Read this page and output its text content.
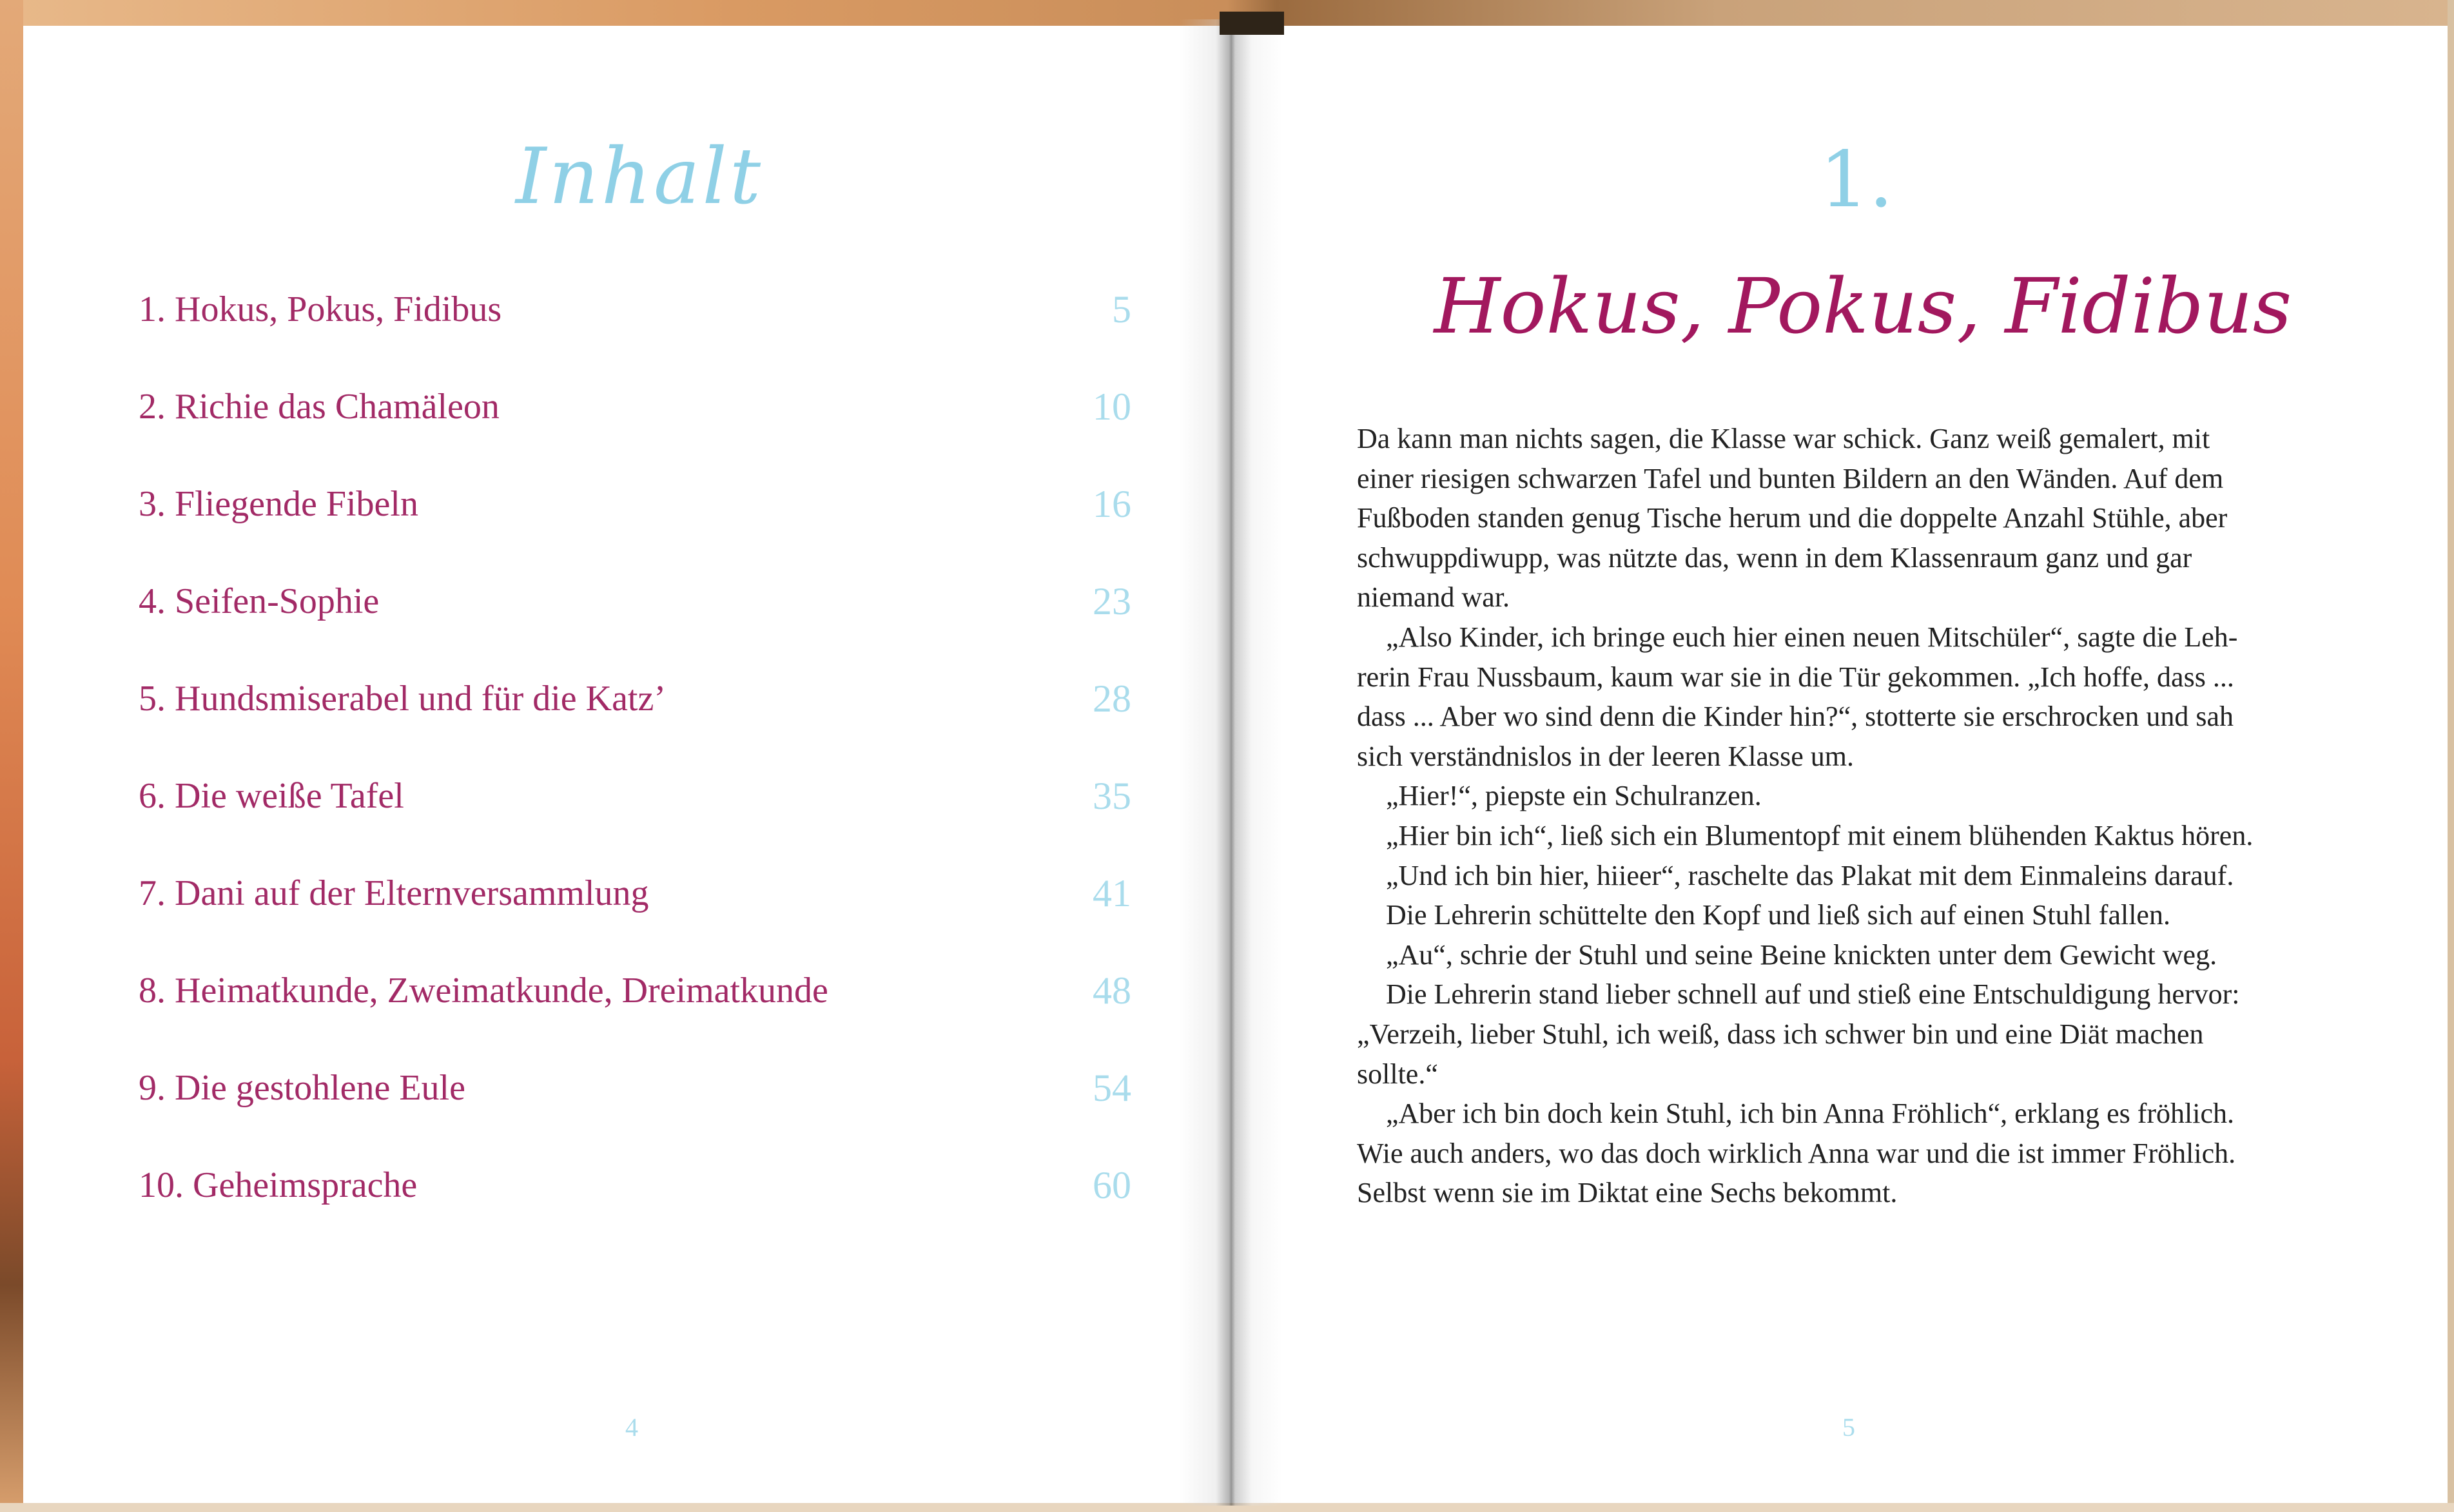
Inhalt
1. Hokus, Pokus, Fidibus	5
2. Richie das Chamäleon	10
3. Fliegende Fibeln	16
4. Seifen-Sophie	23
5. Hundsmiserabel und für die Katz’	28
6. Die weiße Tafel	35
7. Dani auf der Elternversammlung	41
8. Heimatkunde, Zweimatkunde, Dreimatkunde	48
9. Die gestohlene Eule	54
10. Geheimsprache	60
4
1.
Hokus, Pokus, Fidibus
Da kann man nichts sagen, die Klasse war schick. Ganz weiß gemalert, mit
einer riesigen schwarzen Tafel und bunten Bildern an den Wänden. Auf dem
Fußboden standen genug Tische herum und die doppelte Anzahl Stühle, aber
schwuppdiwupp, was nützte das, wenn in dem Klassenraum ganz und gar
niemand war.
„Also Kinder, ich bringe euch hier einen neuen Mitschüler“, sagte die Leh-
rerin Frau Nussbaum, kaum war sie in die Tür gekommen. „Ich hoffe, dass ...
dass ... Aber wo sind denn die Kinder hin?“, stotterte sie erschrocken und sah
sich verständnislos in der leeren Klasse um.
„Hier!“, piepste ein Schulranzen.
„Hier bin ich“, ließ sich ein Blumentopf mit einem blühenden Kaktus hören.
„Und ich bin hier, hiieer“, raschelte das Plakat mit dem Einmaleins darauf.
Die Lehrerin schüttelte den Kopf und ließ sich auf einen Stuhl fallen.
„Au“, schrie der Stuhl und seine Beine knickten unter dem Gewicht weg.
Die Lehrerin stand lieber schnell auf und stieß eine Entschuldigung hervor:
„Verzeih, lieber Stuhl, ich weiß, dass ich schwer bin und eine Diät machen
sollte.“
„Aber ich bin doch kein Stuhl, ich bin Anna Fröhlich“, erklang es fröhlich.
Wie auch anders, wo das doch wirklich Anna war und die ist immer Fröhlich.
Selbst wenn sie im Diktat eine Sechs bekommt.
5
